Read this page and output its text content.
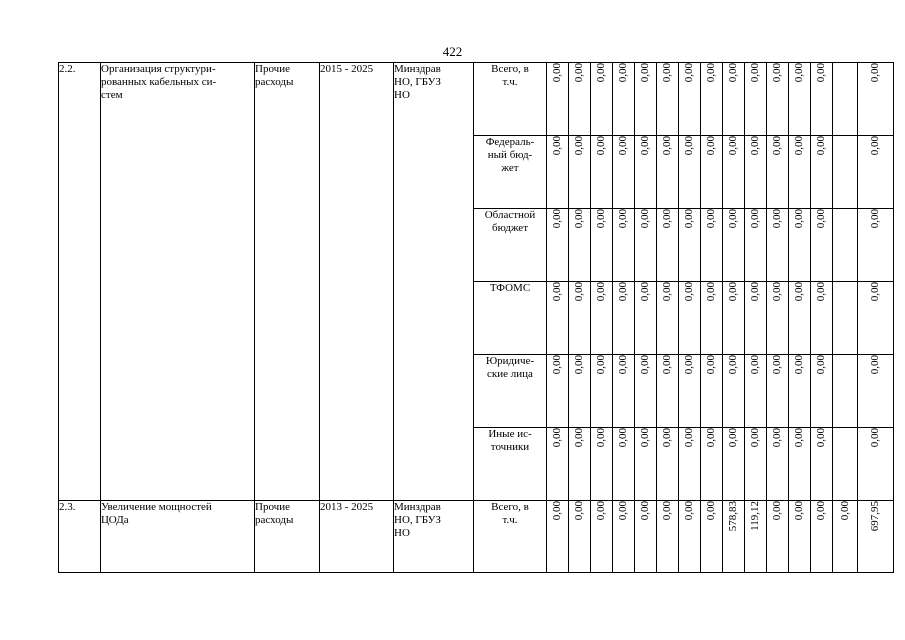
422
2.2.	Организация структури-
рованных кабельных си-
стем	Прочие
расходы	2015 - 2025	Минздрав
НО, ГБУЗ
НО	Всего, в
т.ч.	0,00	0,00	0,00	0,00	0,00	0,00	0,00	0,00	0,00	0,00	0,00	0,00	0,00		0,00

					Федераль-
ный бюд-
жет	0,00	0,00	0,00	0,00	0,00	0,00	0,00	0,00	0,00	0,00	0,00	0,00	0,00		0,00

					Областной
бюджет	0,00	0,00	0,00	0,00	0,00	0,00	0,00	0,00	0,00	0,00	0,00	0,00	0,00		0,00

					ТФОМС	0,00	0,00	0,00	0,00	0,00	0,00	0,00	0,00	0,00	0,00	0,00	0,00	0,00		0,00

					Юридиче-
ские лица	0,00	0,00	0,00	0,00	0,00	0,00	0,00	0,00	0,00	0,00	0,00	0,00	0,00		0,00

					Иные ис-
точники	0,00	0,00	0,00	0,00	0,00	0,00	0,00	0,00	0,00	0,00	0,00	0,00	0,00		0,00

2.3.	Увеличение мощностей
ЦОДа	Прочие
расходы	2013 - 2025	Минздрав
НО, ГБУЗ
НО	Всего, в
т.ч.	0,00	0,00	0,00	0,00	0,00	0,00	0,00	0,00	578,83	119,12	0,00	0,00	0,00	0,00	697,95
